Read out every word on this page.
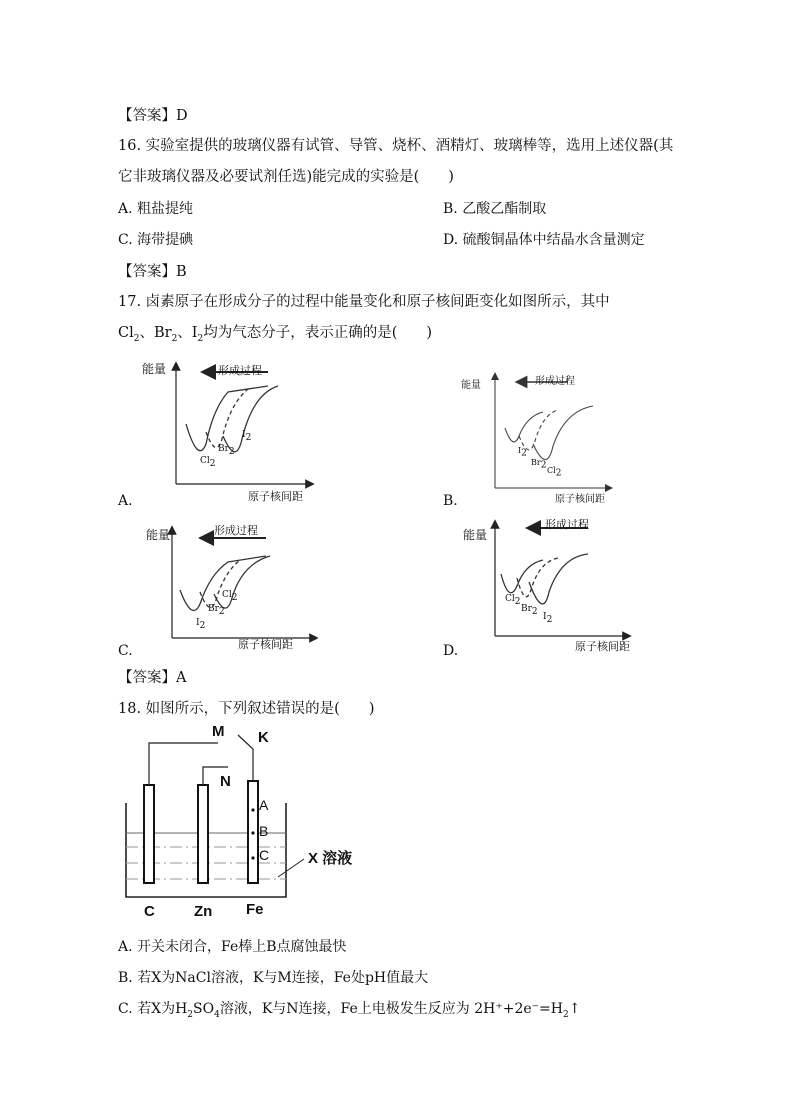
【答案】D
16. 实验室提供的玻璃仪器有试管、导管、烧杯、酒精灯、玻璃棒等，选用上述仪器(其
它非玻璃仪器及必要试剂任选)能完成的实验是(　　)
A. 粗盐提纯	B. 乙酸乙酯制取
C. 海带提碘	D. 硫酸铜晶体中结晶水含量测定
【答案】B
17. 卤素原子在形成分子的过程中能量变化和原子核间距变化如图所示，其中
$Cl_2$、$Br_2$、$I_2$均为气态分子，表示正确的是(　　)
能量	形成过程
原子核间距
$Cl_2$
$Br_2$
$I_2$
A.
能量	形成过程
原子核间距
$I_2$
$Br_2$ $Cl_2$
B.
能量	形成过程
原子核间距
$I_2$
$Br_2$
$Cl_2$
C.
能量
形成过程
原子核间距
$Cl_2$
$Br_2$
$I_2$
D.
【答案】A
18. 如图所示，下列叙述错误的是(　　)
M K
N
A
B
C	X 溶液
C	Zn Fe
A. 开关未闭合，Fe棒上B点腐蚀最快
B. 若X为NaCl溶液，K与M连接，Fe处pH值最大
C. 若X为$H_2SO_4$溶液，K与N连接，Fe上电极发生反应为 $2H^++2e^-=H_2↑$
